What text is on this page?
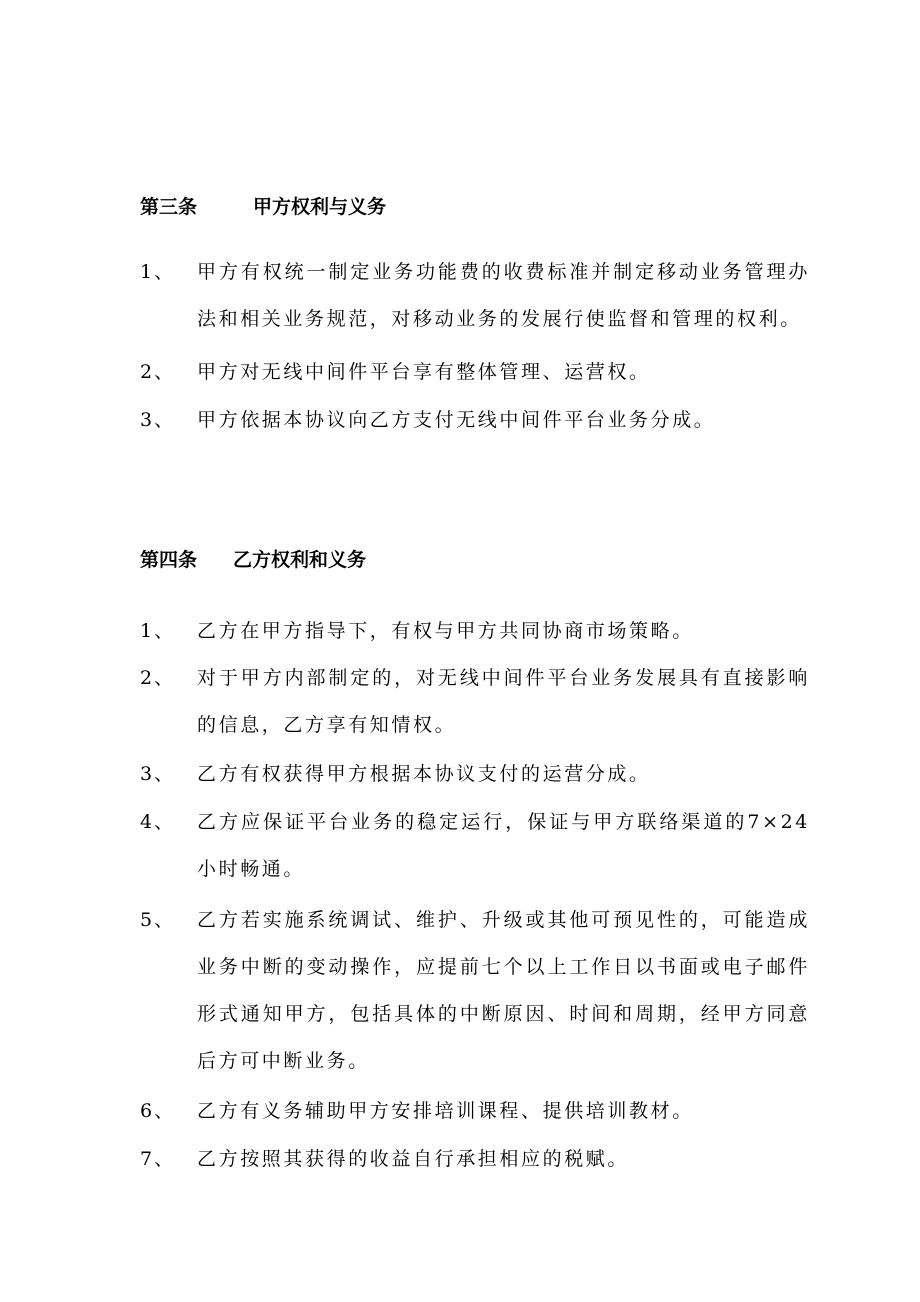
第三条	甲方权利与义务
1、 甲方有权统一制定业务功能费的收费标准并制定移动业务管理办法和相关业务规范，对移动业务的发展行使监督和管理的权利。
2、 甲方对无线中间件平台享有整体管理、运营权。
3、 甲方依据本协议向乙方支付无线中间件平台业务分成。
第四条 乙方权利和义务
1、 乙方在甲方指导下，有权与甲方共同协商市场策略。
2、 对于甲方内部制定的，对无线中间件平台业务发展具有直接影响的信息，乙方享有知情权。
3、 乙方有权获得甲方根据本协议支付的运营分成。
4、 乙方应保证平台业务的稳定运行，保证与甲方联络渠道的7×24小时畅通。
5、 乙方若实施系统调试、维护、升级或其他可预见性的，可能造成业务中断的变动操作，应提前七个以上工作日以书面或电子邮件形式通知甲方，包括具体的中断原因、时间和周期，经甲方同意后方可中断业务。
6、 乙方有义务辅助甲方安排培训课程、提供培训教材。
7、 乙方按照其获得的收益自行承担相应的税赋。
